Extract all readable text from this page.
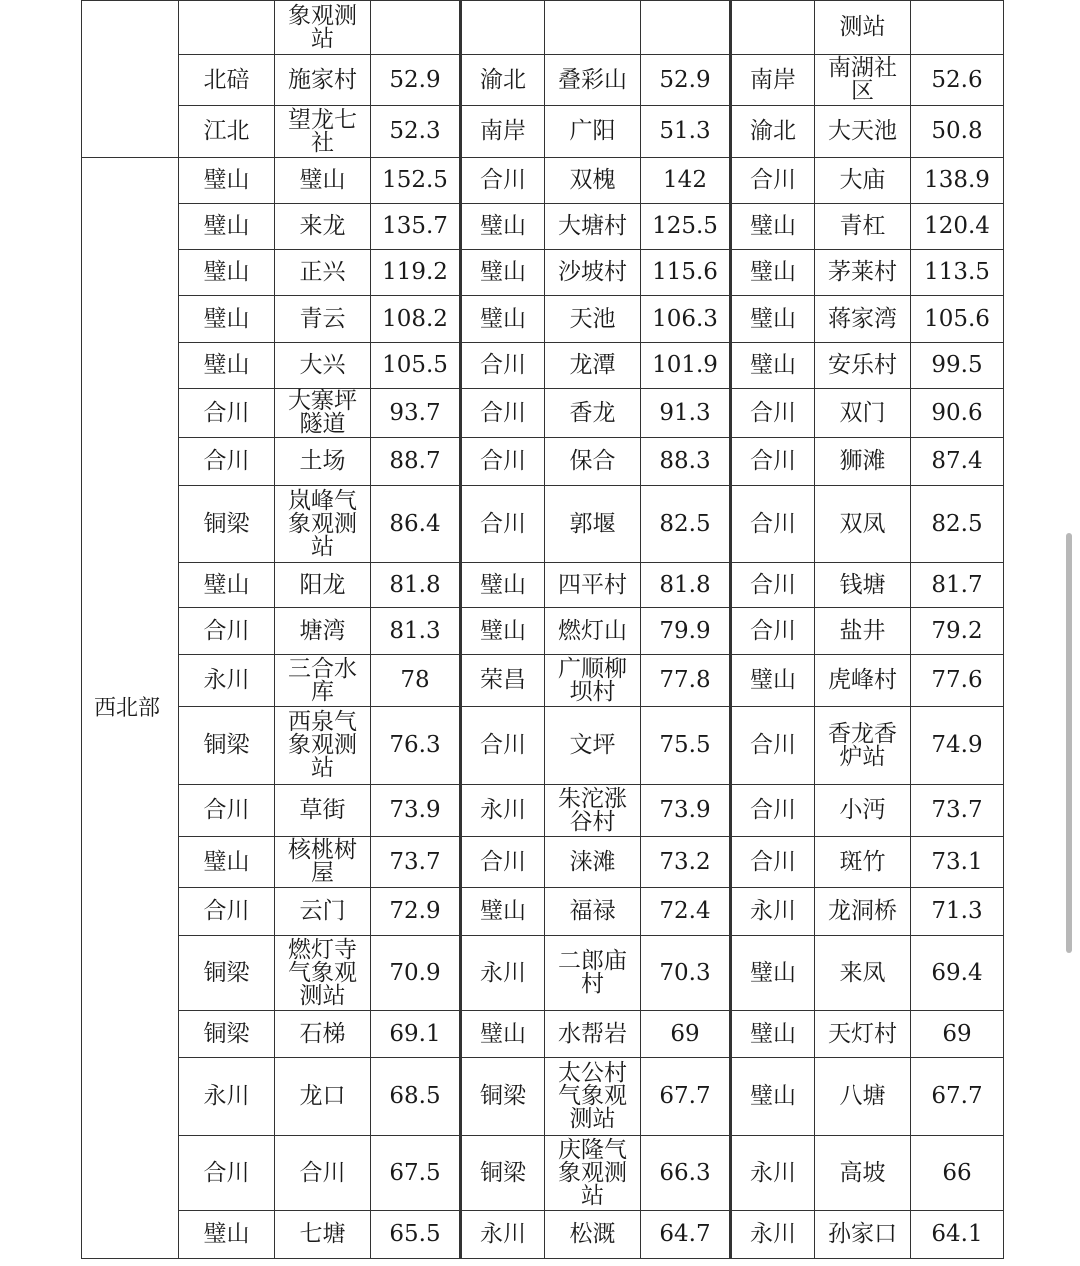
		象观测站						测站	
	北碚	施家村	52.9	渝北	叠彩山	52.9	南岸	南湖社区	52.6
	江北	望龙七社	52.3	南岸	广阳	51.3	渝北	大天池	50.8
西北部	璧山	璧山	152.5	合川	双槐	142	合川	大庙	138.9
	璧山	来龙	135.7	璧山	大塘村	125.5	璧山	青杠	120.4
	璧山	正兴	119.2	璧山	沙坡村	115.6	璧山	茅莱村	113.5
	璧山	青云	108.2	璧山	天池	106.3	璧山	蒋家湾	105.6
	璧山	大兴	105.5	合川	龙潭	101.9	璧山	安乐村	99.5
	合川	大寨坪隧道	93.7	合川	香龙	91.3	合川	双门	90.6
	合川	土场	88.7	合川	保合	88.3	合川	狮滩	87.4
	铜梁	岚峰气象观测站	86.4	合川	郭堰	82.5	合川	双凤	82.5
	璧山	阳龙	81.8	璧山	四平村	81.8	合川	钱塘	81.7
	合川	塘湾	81.3	璧山	燃灯山	79.9	合川	盐井	79.2
	永川	三合水库	78	荣昌	广顺柳坝村	77.8	璧山	虎峰村	77.6
	铜梁	西泉气象观测站	76.3	合川	文坪	75.5	合川	香龙香炉站	74.9
	合川	草街	73.9	永川	朱沱涨谷村	73.9	合川	小沔	73.7
	璧山	核桃树屋	73.7	合川	涞滩	73.2	合川	斑竹	73.1
	合川	云门	72.9	璧山	福禄	72.4	永川	龙洞桥	71.3
	铜梁	燃灯寺气象观测站	70.9	永川	二郎庙村	70.3	璧山	来凤	69.4
	铜梁	石梯	69.1	璧山	水帮岩	69	璧山	天灯村	69
	永川	龙口	68.5	铜梁	太公村气象观测站	67.7	璧山	八塘	67.7
	合川	合川	67.5	铜梁	庆隆气象观测站	66.3	永川	高坡	66
	璧山	七塘	65.5	永川	松溉	64.7	永川	孙家口	64.1
